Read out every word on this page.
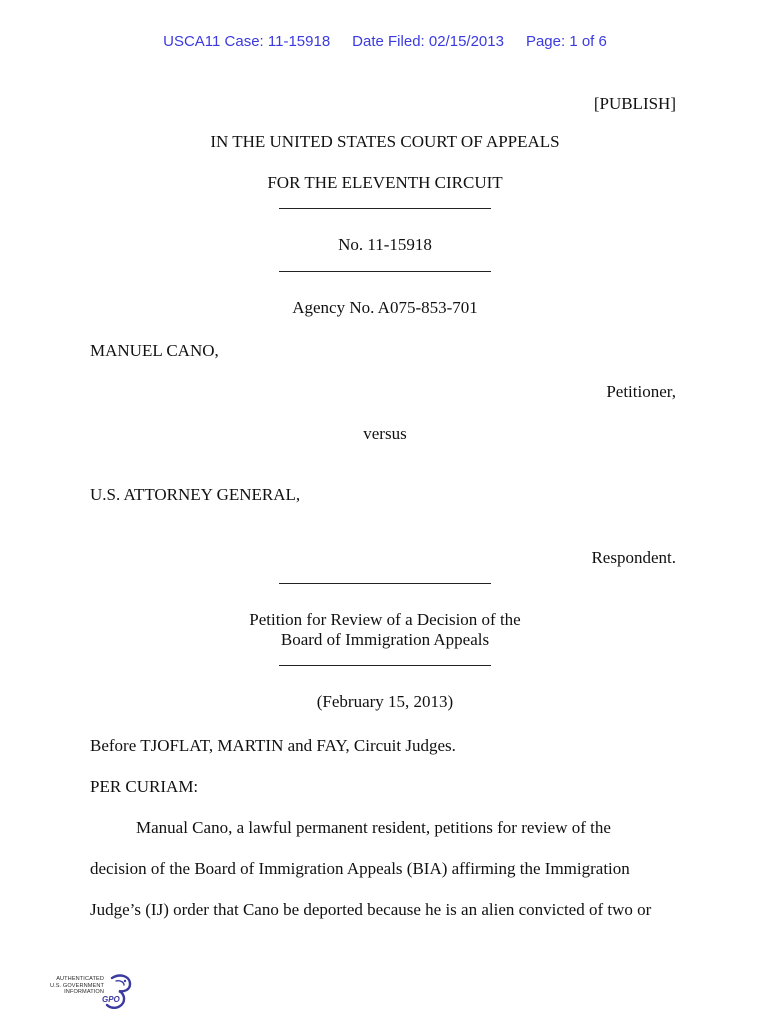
USCA11 Case: 11-15918 Date Filed: 02/15/2013 Page: 1 of 6
[PUBLISH]
IN THE UNITED STATES COURT OF APPEALS
FOR THE ELEVENTH CIRCUIT
No. 11-15918
Agency No. A075-853-701
MANUEL CANO,
Petitioner,
versus
U.S. ATTORNEY GENERAL,
Respondent.
Petition for Review of a Decision of the
Board of Immigration Appeals
(February 15, 2013)
Before TJOFLAT, MARTIN and FAY, Circuit Judges.
PER CURIAM:
Manual Cano, a lawful permanent resident, petitions for review of the
decision of the Board of Immigration Appeals (BIA) affirming the Immigration
Judge’s (IJ) order that Cano be deported because he is an alien convicted of two or
AUTHENTICATED
U.S. GOVERNMENT
INFORMATION
GPO
